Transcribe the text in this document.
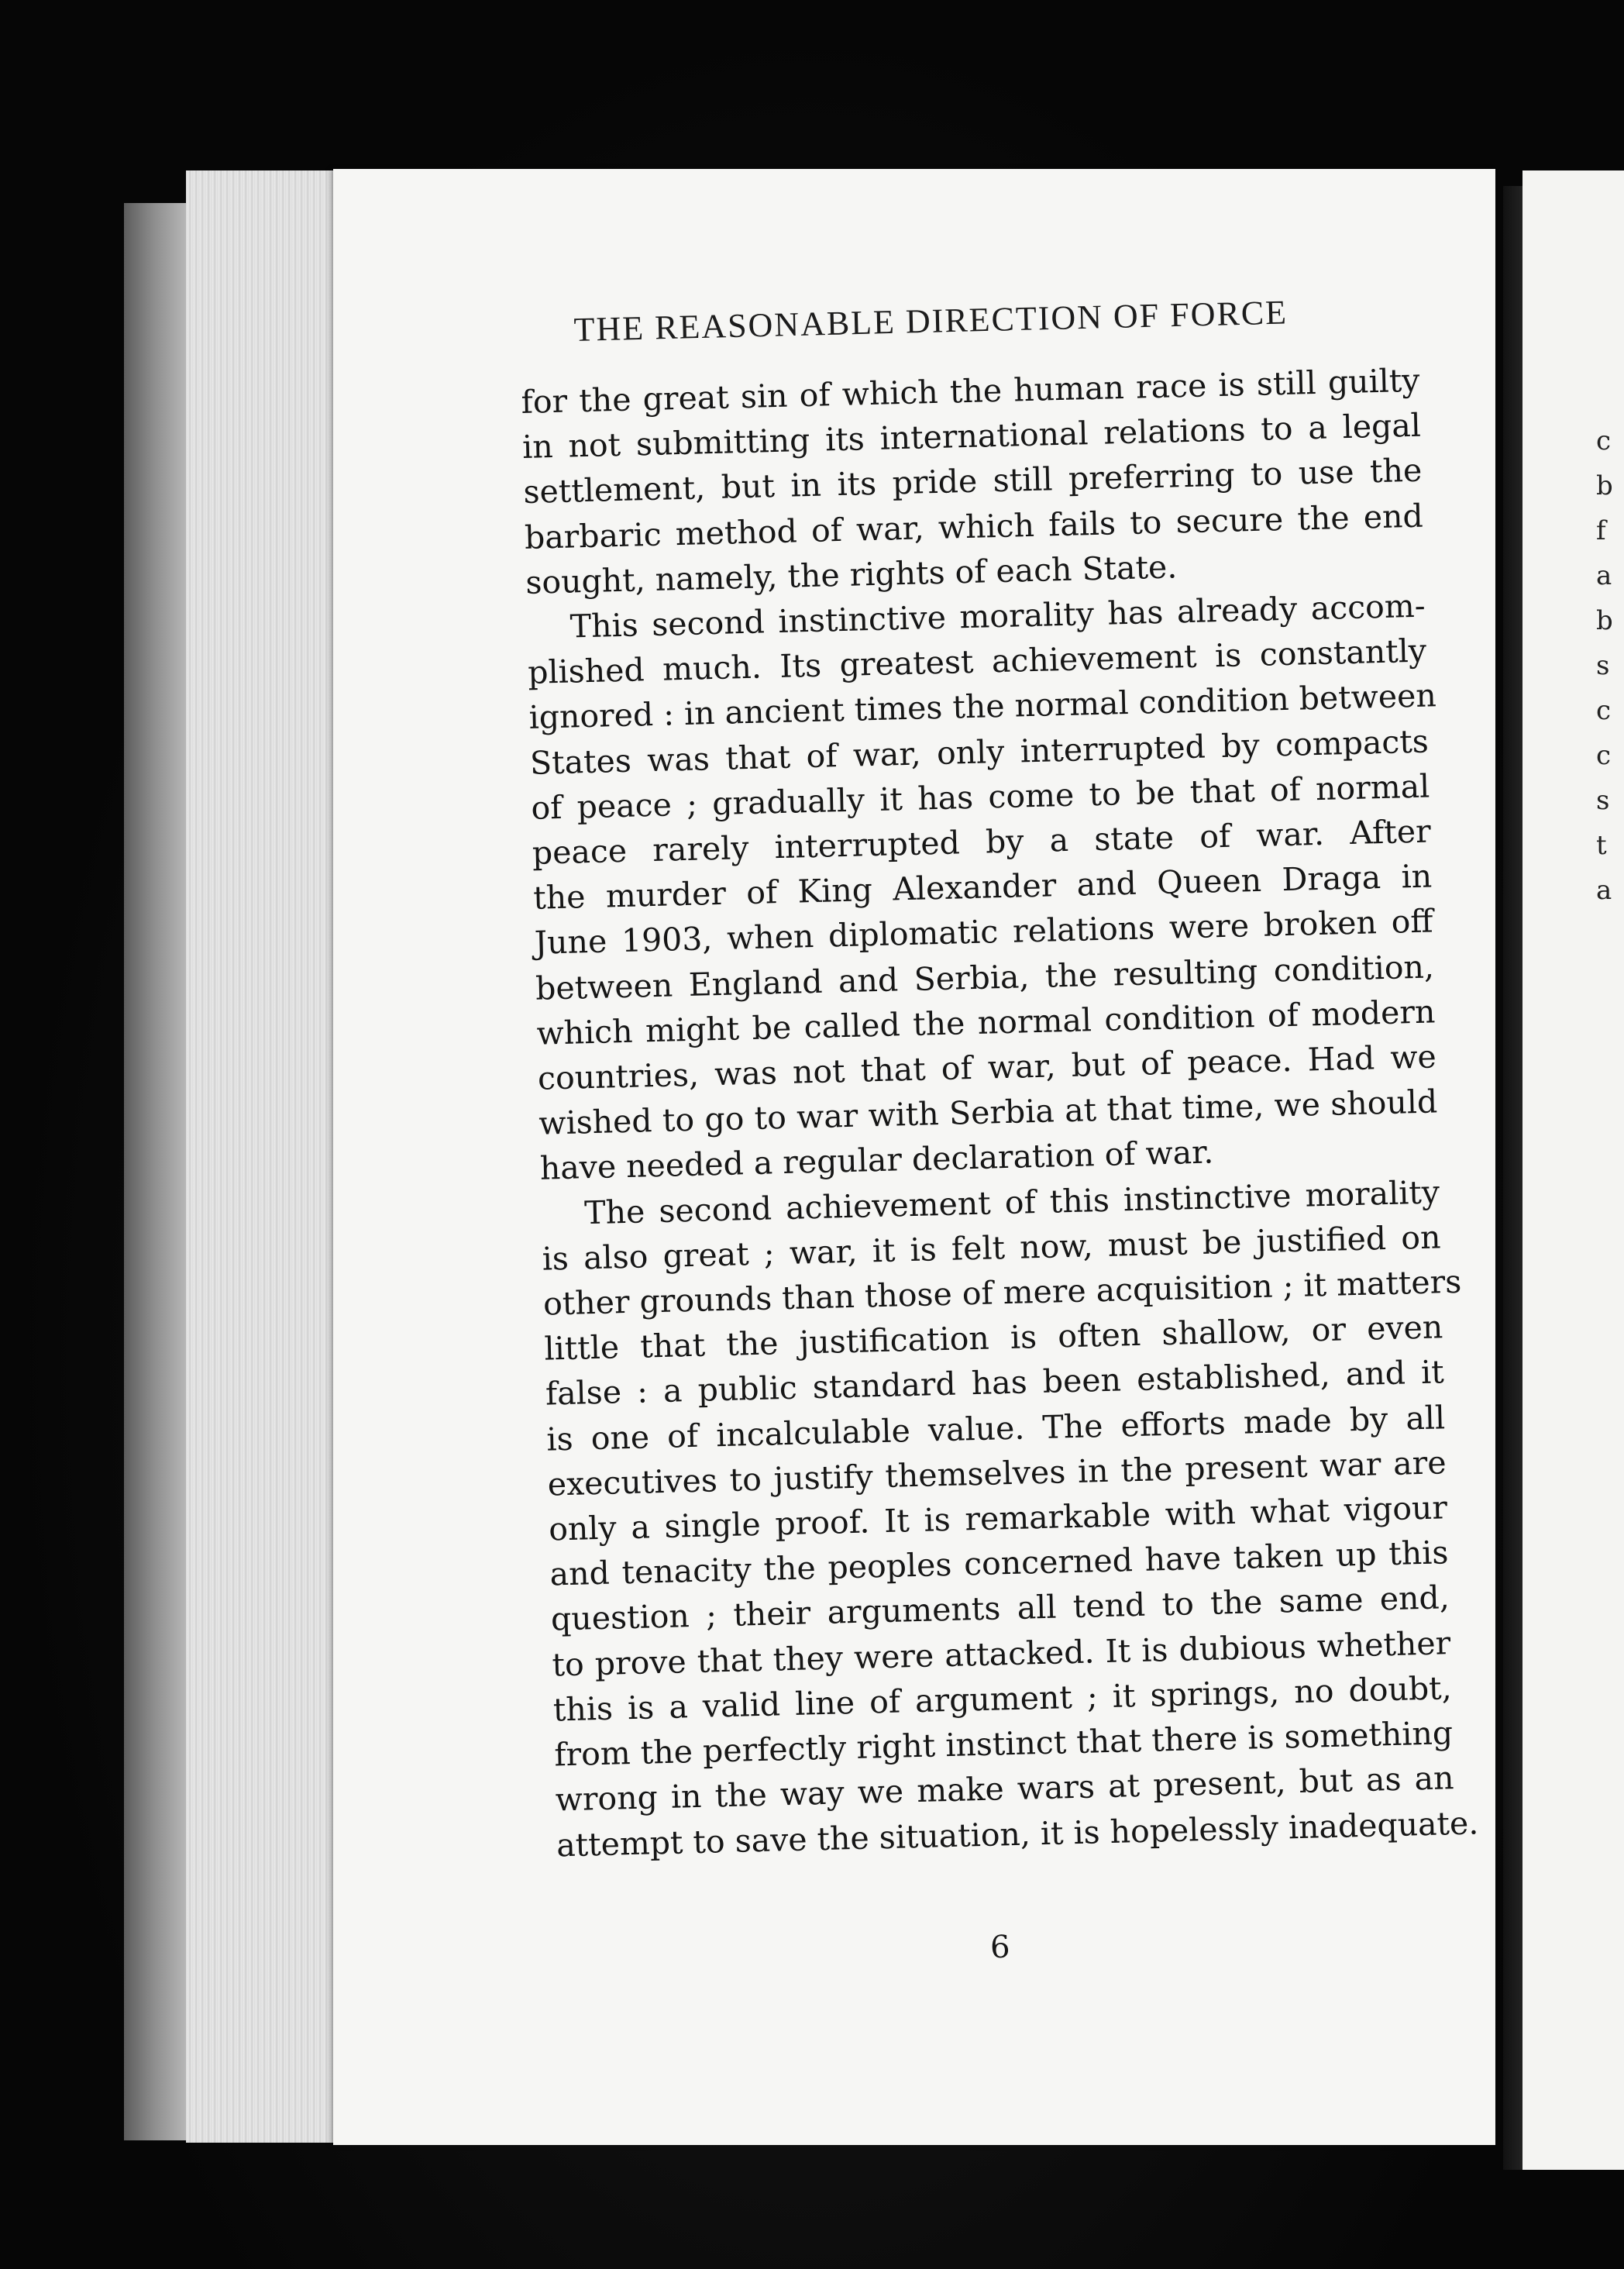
THE REASONABLE DIRECTION OF FORCE

for the great sin of which the human race is still guilty
in not submitting its international relations to a legal
settlement, but in its pride still preferring to use the
barbaric method of war, which fails to secure the end
sought, namely, the rights of each State.

This second instinctive morality has already accom-
plished much. Its greatest achievement is constantly
ignored : in ancient times the normal condition between
States was that of war, only interrupted by compacts
of peace ; gradually it has come to be that of normal
peace rarely interrupted by a state of war. After
the murder of King Alexander and Queen Draga in
June 1903, when diplomatic relations were broken off
between England and Serbia, the resulting condition,
which might be called the normal condition of modern
countries, was not that of war, but of peace. Had we
wished to go to war with Serbia at that time, we should
have needed a regular declaration of war.

The second achievement of this instinctive morality
is also great ; war, it is felt now, must be justified on
other grounds than those of mere acquisition ; it matters
little that the justification is often shallow, or even
false : a public standard has been established, and it
is one of incalculable value. The efforts made by all
executives to justify themselves in the present war are
only a single proof. It is remarkable with what vigour
and tenacity the peoples concerned have taken up this
question ; their arguments all tend to the same end,
to prove that they were attacked. It is dubious whether
this is a valid line of argument ; it springs, no doubt,
from the perfectly right instinct that there is something
wrong in the way we make wars at present, but as an
attempt to save the situation, it is hopelessly inadequate.

6
c
b
f
a
b
s
c
c
s
t
a
